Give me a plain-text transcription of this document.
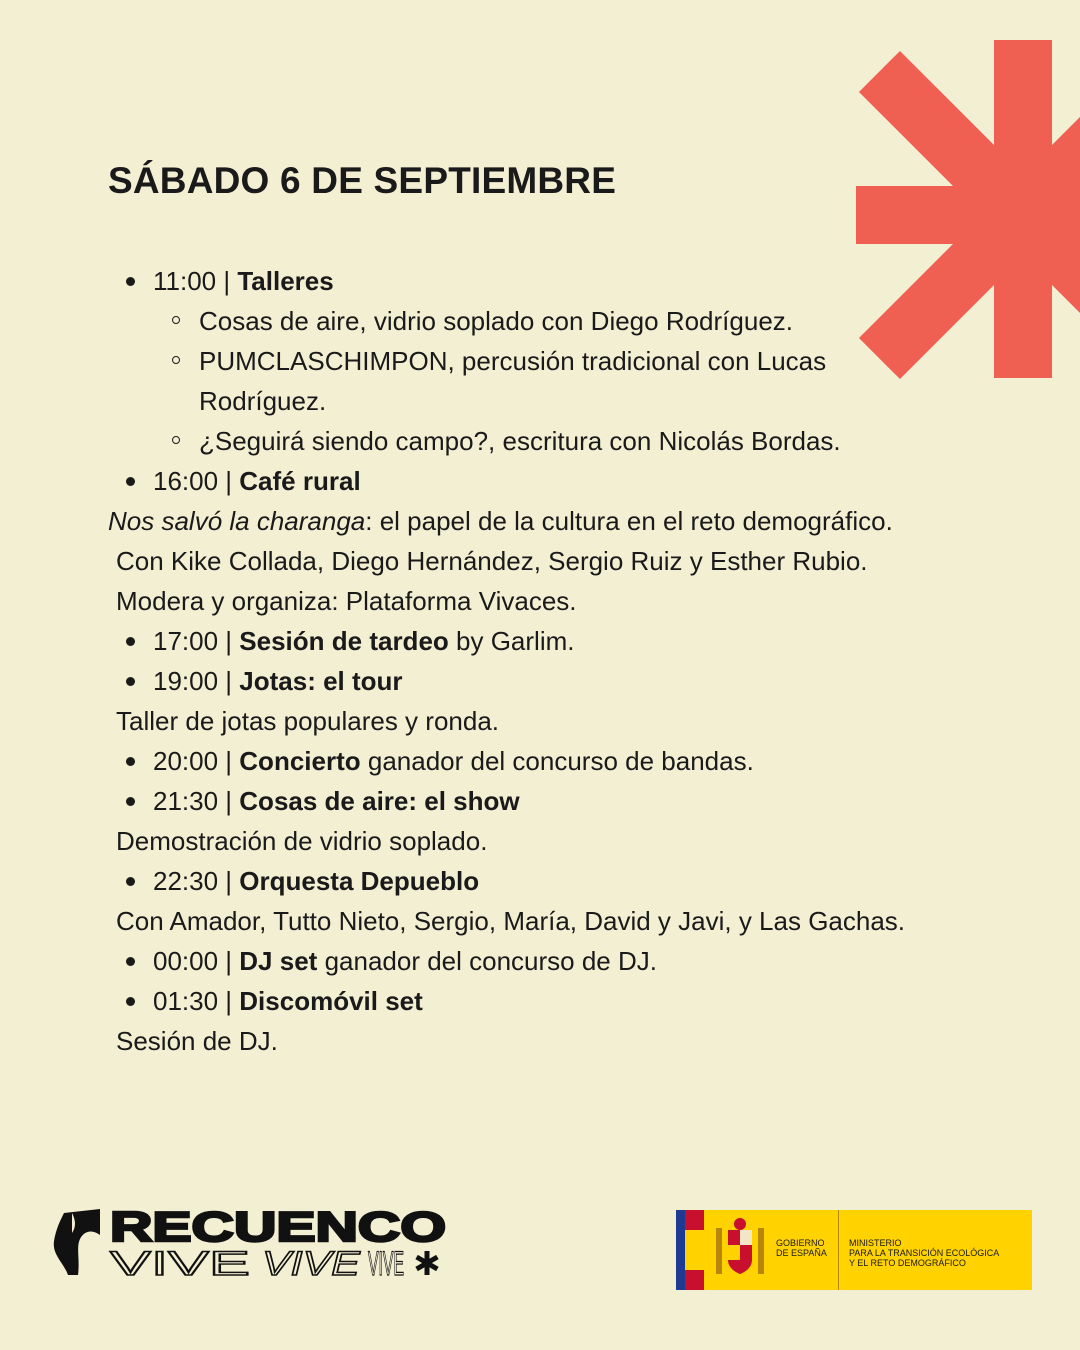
SÁBADO 6 DE SEPTIEMBRE
11:00 | Talleres
Cosas de aire, vidrio soplado con Diego Rodríguez.
PUMCLASCHIMPON, percusión tradicional con Lucas
Rodríguez.
¿Seguirá siendo campo?, escritura con Nicolás Bordas.
16:00 | Café rural
Nos salvó la charanga: el papel de la cultura en el reto demográfico.
Con Kike Collada, Diego Hernández, Sergio Ruiz y Esther Rubio.
Modera y organiza: Plataforma Vivaces.
17:00 | Sesión de tardeo by Garlim.
19:00 | Jotas: el tour
Taller de jotas populares y ronda.
20:00 | Concierto ganador del concurso de bandas.
21:30 | Cosas de aire: el show
Demostración de vidrio soplado.
22:30 | Orquesta Depueblo
Con Amador, Tutto Nieto, Sergio, María, David y Javi, y Las Gachas.
00:00 | DJ set ganador del concurso de DJ.
01:30 | Discomóvil set
Sesión de DJ.
RECUENCO
VIVE VIVE VIVE
GOBIERNO
DE ESPAÑA
MINISTERIO
PARA LA TRANSICIÓN ECOLÓGICA
Y EL RETO DEMOGRÁFICO
